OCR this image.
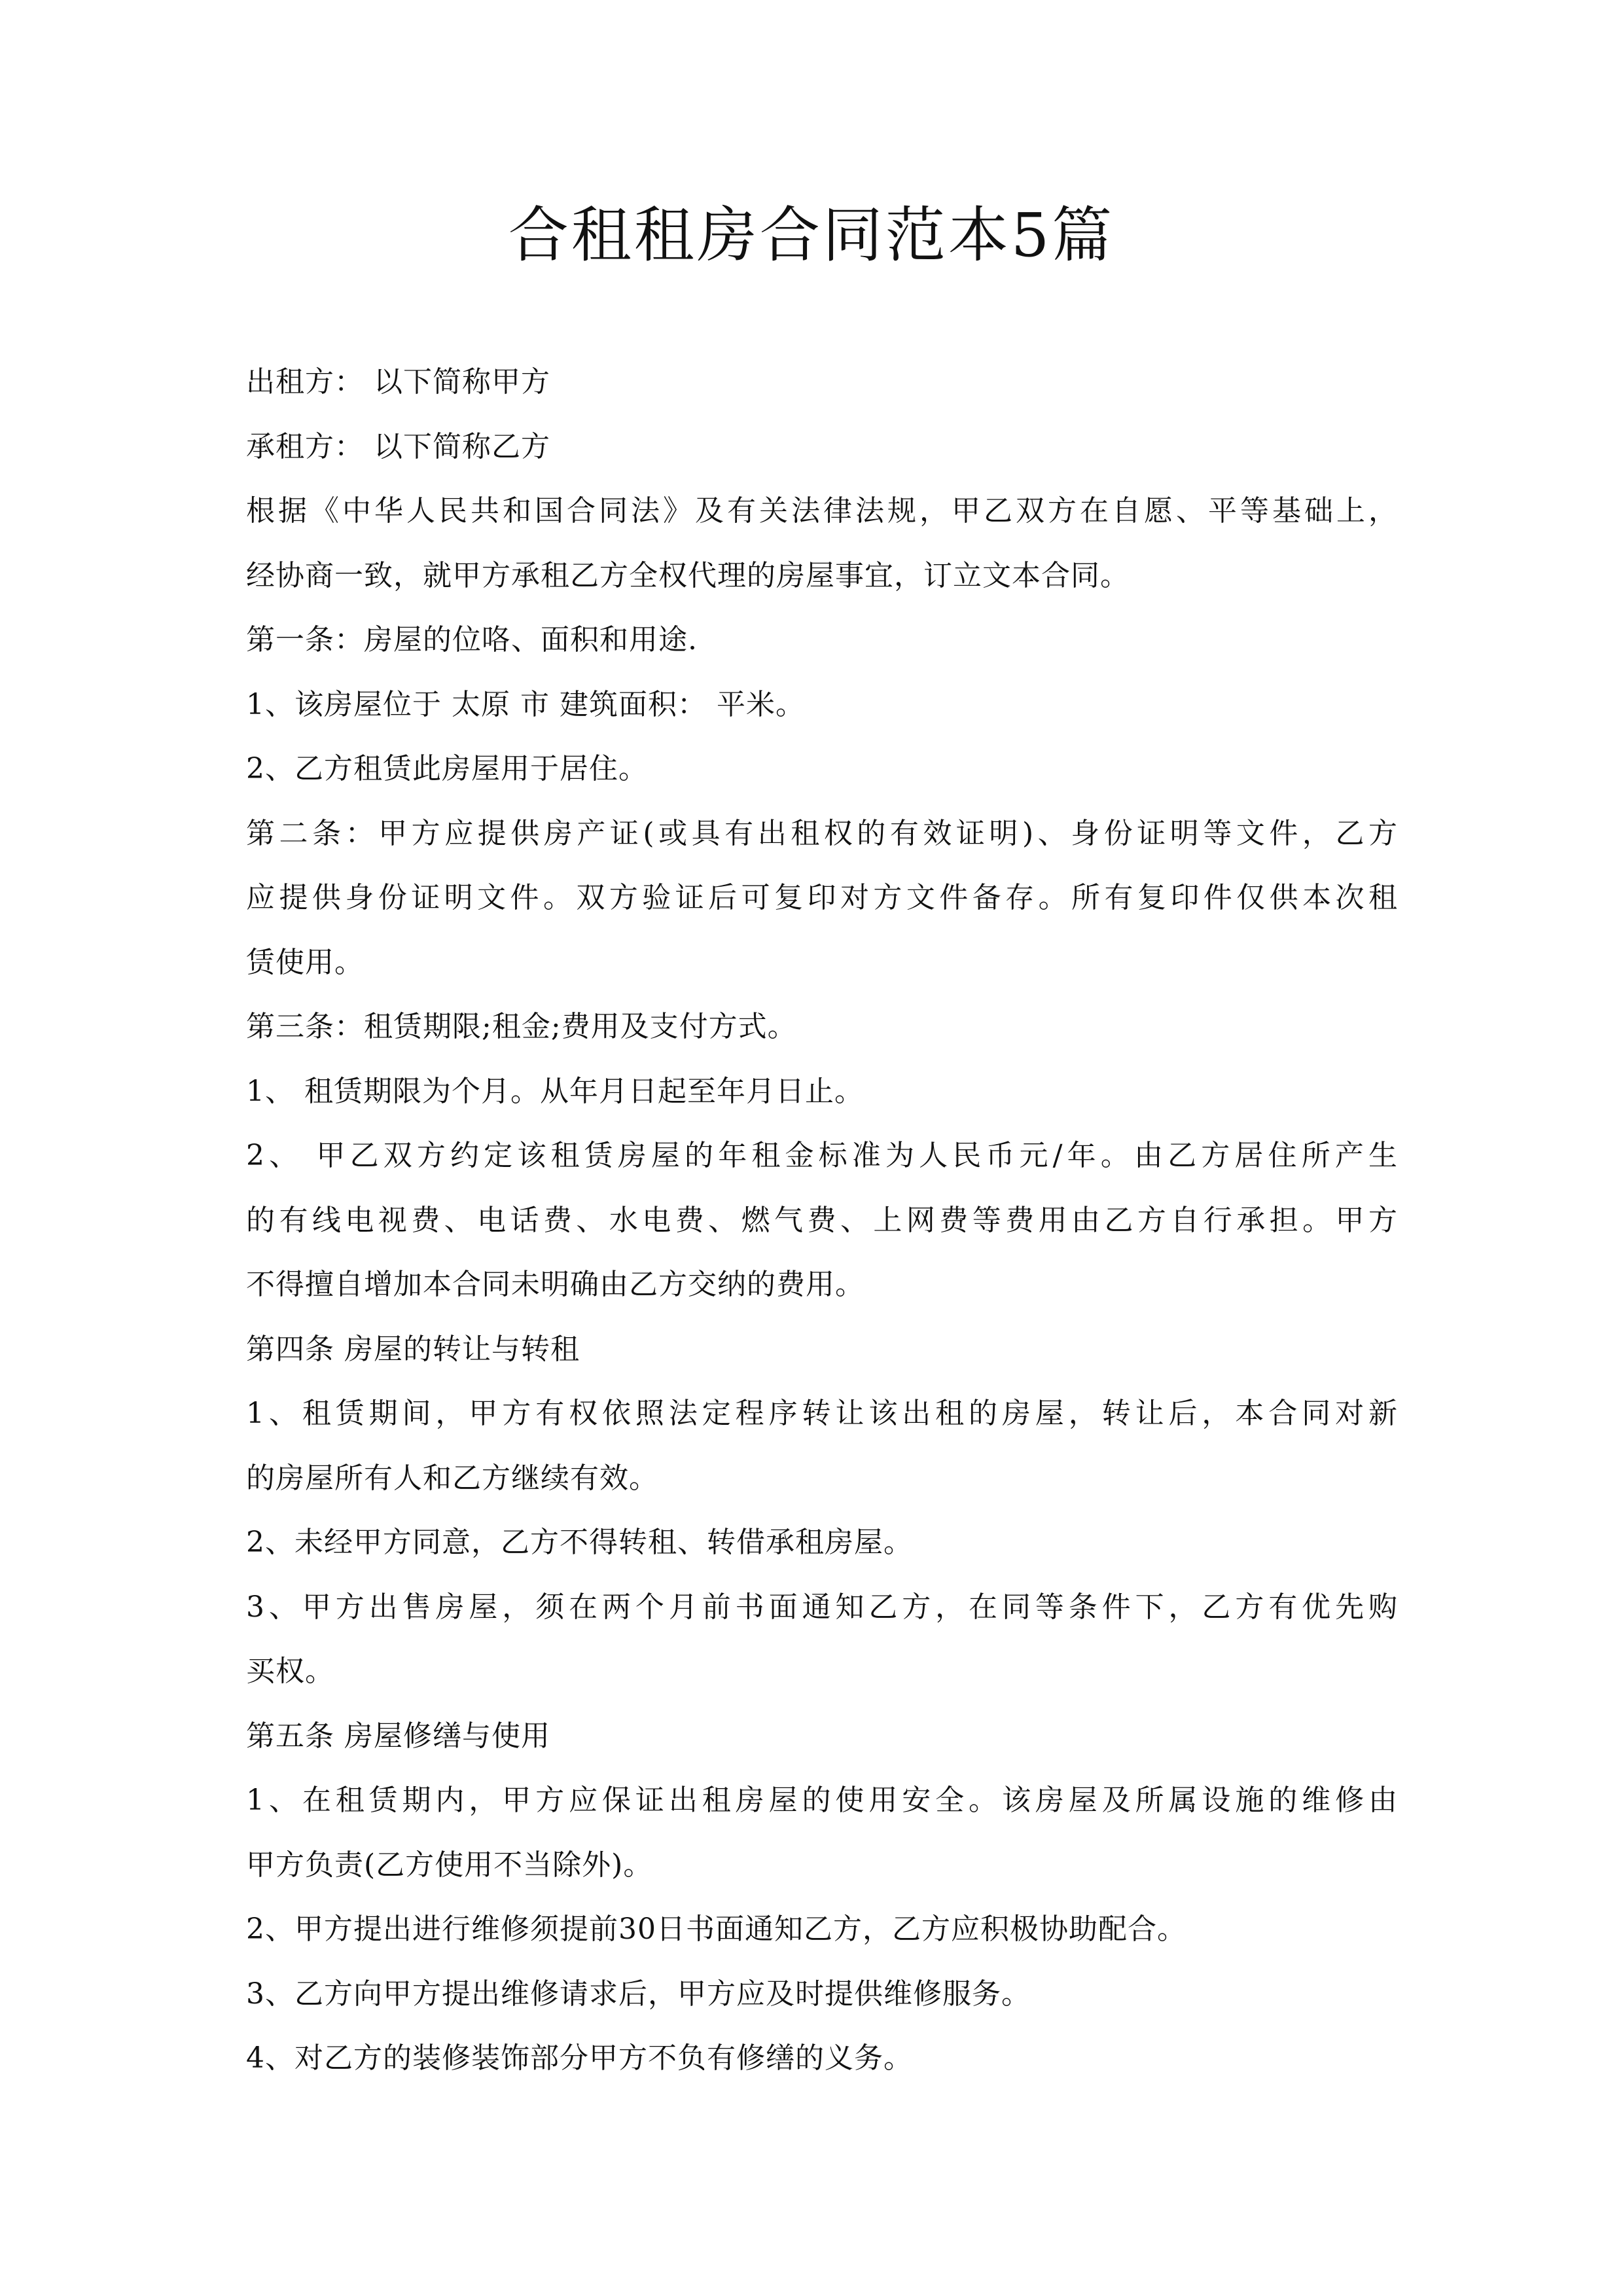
合租租房合同范本5篇
出租方： 以下简称甲方
承租方： 以下简称乙方
根据《中华人民共和国合同法》及有关法律法规，甲乙双方在自愿、平等基础上，
经协商一致，就甲方承租乙方全权代理的房屋事宜，订立文本合同。
第一条：房屋的位咯、面积和用途.
1、该房屋位于 太原 市 建筑面积： 平米。
2、乙方租赁此房屋用于居住。
第二条：甲方应提供房产证(或具有出租权的有效证明)、身份证明等文件，乙方
应提供身份证明文件。双方验证后可复印对方文件备存。所有复印件仅供本次租
赁使用。
第三条：租赁期限;租金;费用及支付方式。
1、 租赁期限为个月。从年月日起至年月日止。
2、 甲乙双方约定该租赁房屋的年租金标准为人民币元/年。由乙方居住所产生
的有线电视费、电话费、水电费、燃气费、上网费等费用由乙方自行承担。甲方
不得擅自增加本合同未明确由乙方交纳的费用。
第四条 房屋的转让与转租
1、租赁期间，甲方有权依照法定程序转让该出租的房屋，转让后，本合同对新
的房屋所有人和乙方继续有效。
2、未经甲方同意，乙方不得转租、转借承租房屋。
3、甲方出售房屋，须在两个月前书面通知乙方，在同等条件下，乙方有优先购
买权。
第五条 房屋修缮与使用
1、在租赁期内，甲方应保证出租房屋的使用安全。该房屋及所属设施的维修由
甲方负责(乙方使用不当除外)。
2、甲方提出进行维修须提前30日书面通知乙方，乙方应积极协助配合。
3、乙方向甲方提出维修请求后，甲方应及时提供维修服务。
4、对乙方的装修装饰部分甲方不负有修缮的义务。
